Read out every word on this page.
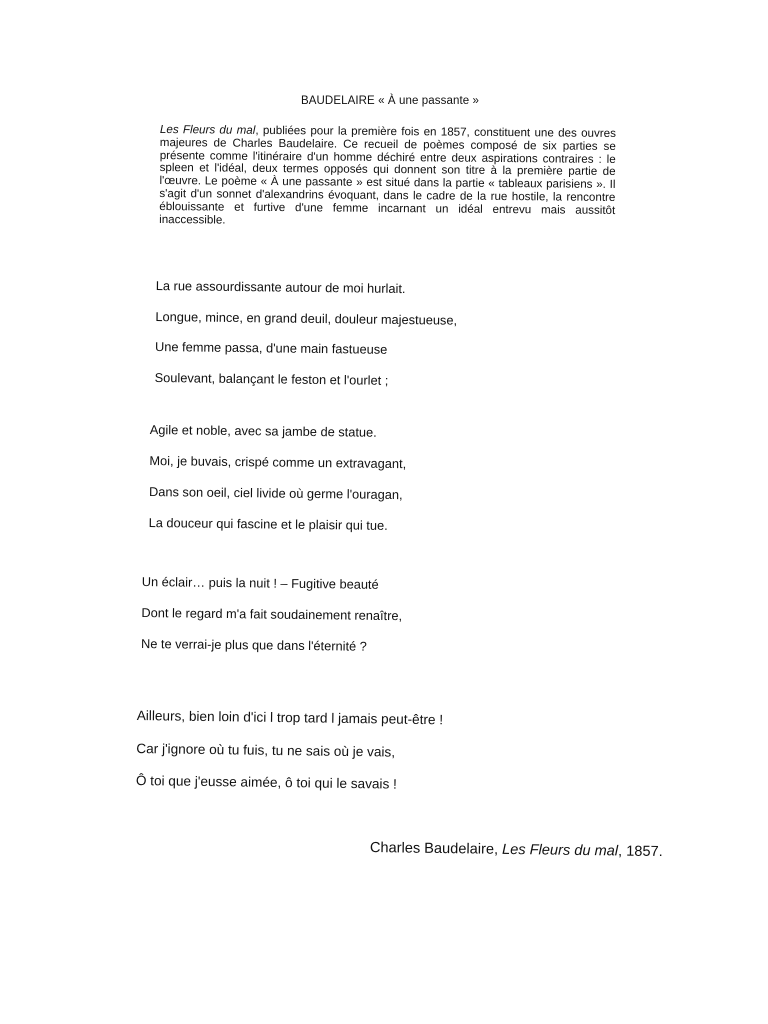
BAUDELAIRE « À une passante »

Les Fleurs du mal, publiées pour la première fois en 1857, constituent une des ouvres majeures de Charles Baudelaire. Ce recueil de poèmes composé de six parties se présente comme l'itinéraire d'un homme déchiré entre deux aspirations contraires : le spleen et l'idéal, deux termes opposés qui donnent son titre à la première partie de l'œuvre. Le poème « À une passante » est situé dans la partie « tableaux parisiens ». Il s'agit d'un sonnet d'alexandrins évoquant, dans le cadre de la rue hostile, la rencontre éblouissante et furtive d'une femme incarnant un idéal entrevu mais aussitôt inaccessible.

La rue assourdissante autour de moi hurlait.
Longue, mince, en grand deuil, douleur majestueuse,
Une femme passa, d'une main fastueuse
Soulevant, balançant le feston et l'ourlet ;
Agile et noble, avec sa jambe de statue.
Moi, je buvais, crispé comme un extravagant,
Dans son oeil, ciel livide où germe l'ouragan,
La douceur qui fascine et le plaisir qui tue.
Un éclair… puis la nuit ! – Fugitive beauté
Dont le regard m'a fait soudainement renaître,
Ne te verrai-je plus que dans l'éternité ?
Ailleurs, bien loin d'ici l trop tard l jamais peut-être !
Car j'ignore où tu fuis, tu ne sais où je vais,
Ô toi que j'eusse aimée, ô toi qui le savais !
Charles Baudelaire, Les Fleurs du mal, 1857.
